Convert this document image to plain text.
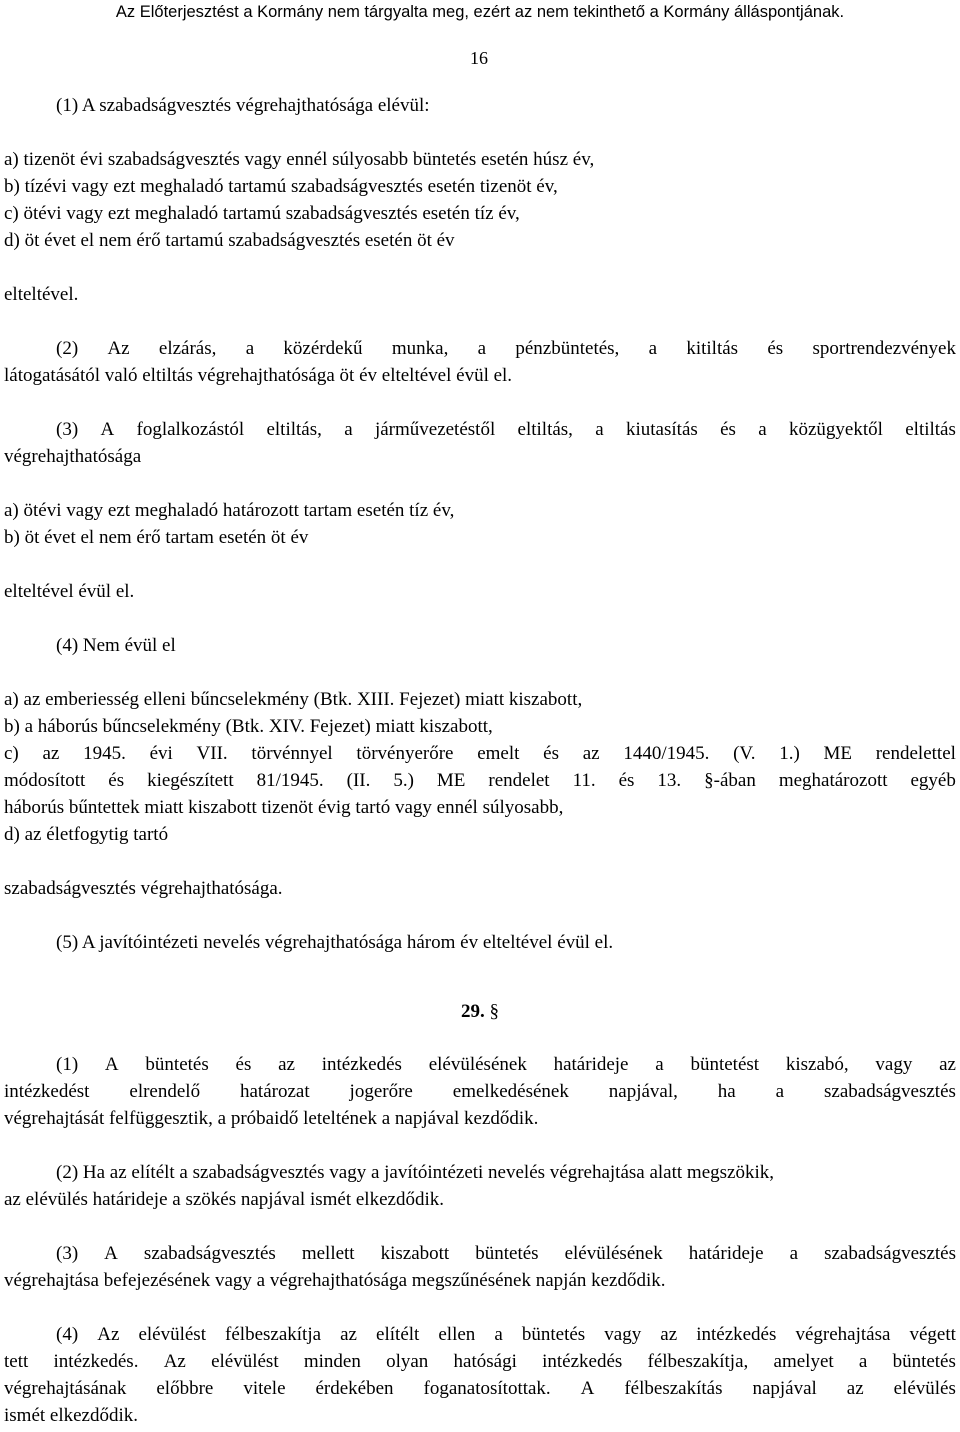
Az Előterjesztést a Kormány nem tárgyalta meg, ezért az nem tekinthető a Kormány álláspontjának.
16
29. §
(1) A szabadságvesztés végrehajthatósága elévül:
a) tizenöt évi szabadságvesztés vagy ennél súlyosabb büntetés esetén húsz év,
b) tízévi vagy ezt meghaladó tartamú szabadságvesztés esetén tizenöt év,
c) ötévi vagy ezt meghaladó tartamú szabadságvesztés esetén tíz év,
d) öt évet el nem érő tartamú szabadságvesztés esetén öt év
elteltével.
(2) Az elzárás, a közérdekű munka, a pénzbüntetés, a kitiltás és sportrendezvények
látogatásától való eltiltás végrehajthatósága öt év elteltével évül el.
(3) A foglalkozástól eltiltás, a járművezetéstől eltiltás, a kiutasítás és a közügyektől eltiltás
végrehajthatósága
a) ötévi vagy ezt meghaladó határozott tartam esetén tíz év,
b) öt évet el nem érő tartam esetén öt év
elteltével évül el.
(4) Nem évül el
a) az emberiesség elleni bűncselekmény (Btk. XIII. Fejezet) miatt kiszabott,
b) a háborús bűncselekmény (Btk. XIV. Fejezet) miatt kiszabott,
c) az 1945. évi VII. törvénnyel törvényerőre emelt és az 1440/1945. (V. 1.) ME rendelettel
módosított és kiegészített 81/1945. (II. 5.) ME rendelet 11. és 13. §-ában meghatározott egyéb
háborús bűntettek miatt kiszabott tizenöt évig tartó vagy ennél súlyosabb,
d) az életfogytig tartó
szabadságvesztés végrehajthatósága.
(5) A javítóintézeti nevelés végrehajthatósága három év elteltével évül el.
(1) A büntetés és az intézkedés elévülésének határideje a büntetést kiszabó, vagy az
intézkedést elrendelő határozat jogerőre emelkedésének napjával, ha a szabadságvesztés
végrehajtását felfüggesztik, a próbaidő leteltének a napjával kezdődik.
(2) Ha az elítélt a szabadságvesztés vagy a javítóintézeti nevelés végrehajtása alatt megszökik,
az elévülés határideje a szökés napjával ismét elkezdődik.
(3) A szabadságvesztés mellett kiszabott büntetés elévülésének határideje a szabadságvesztés
végrehajtása befejezésének vagy a végrehajthatósága megszűnésének napján kezdődik.
(4) Az elévülést félbeszakítja az elítélt ellen a büntetés vagy az intézkedés végrehajtása végett
tett intézkedés. Az elévülést minden olyan hatósági intézkedés félbeszakítja, amelyet a büntetés
végrehajtásának előbbre vitele érdekében foganatosítottak. A félbeszakítás napjával az elévülés
ismét elkezdődik.
